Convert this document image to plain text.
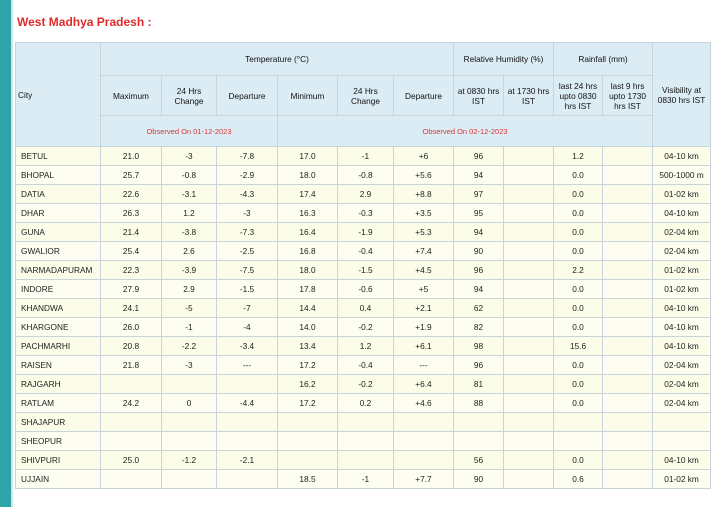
West Madhya Pradesh :
City	Temperature (°C)						Relative Humidity (%)		Rainfall (mm)		Visibility at 0830 hrs IST
	Maximum	24 Hrs Change	Departure	Minimum	24 Hrs Change	Departure	at 0830 hrs IST	at 1730 hrs IST	last 24 hrs upto 0830 hrs IST	last 9 hrs upto 1730 hrs IST	
	Observed On 01-12-2023			Observed On 02-12-2023							
BETUL	21.0	-3	-7.8	17.0	-1	+6	96		1.2		04-10 km
BHOPAL	25.7	-0.8	-2.9	18.0	-0.8	+5.6	94		0.0		500-1000 m
DATIA	22.6	-3.1	-4.3	17.4	2.9	+8.8	97		0.0		01-02 km
DHAR	26.3	1.2	-3	16.3	-0.3	+3.5	95		0.0		04-10 km
GUNA	21.4	-3.8	-7.3	16.4	-1.9	+5.3	94		0.0		02-04 km
GWALIOR	25.4	2.6	-2.5	16.8	-0.4	+7.4	90		0.0		02-04 km
NARMADAPURAM	22.3	-3.9	-7.5	18.0	-1.5	+4.5	96		2.2		01-02 km
INDORE	27.9	2.9	-1.5	17.8	-0.6	+5	94		0.0		01-02 km
KHANDWA	24.1	-5	-7	14.4	0.4	+2.1	62		0.0		04-10 km
KHARGONE	26.0	-1	-4	14.0	-0.2	+1.9	82		0.0		04-10 km
PACHMARHI	20.8	-2.2	-3.4	13.4	1.2	+6.1	98		15.6		04-10 km
RAISEN	21.8	-3	---	17.2	-0.4	---	96		0.0		02-04 km
RAJGARH				16.2	-0.2	+6.4	81		0.0		02-04 km
RATLAM	24.2	0	-4.4	17.2	0.2	+4.6	88		0.0		02-04 km
SHAJAPUR											
SHEOPUR											
SHIVPURI	25.0	-1.2	-2.1				56		0.0		04-10 km
UJJAIN				18.5	-1	+7.7	90		0.6		01-02 km
